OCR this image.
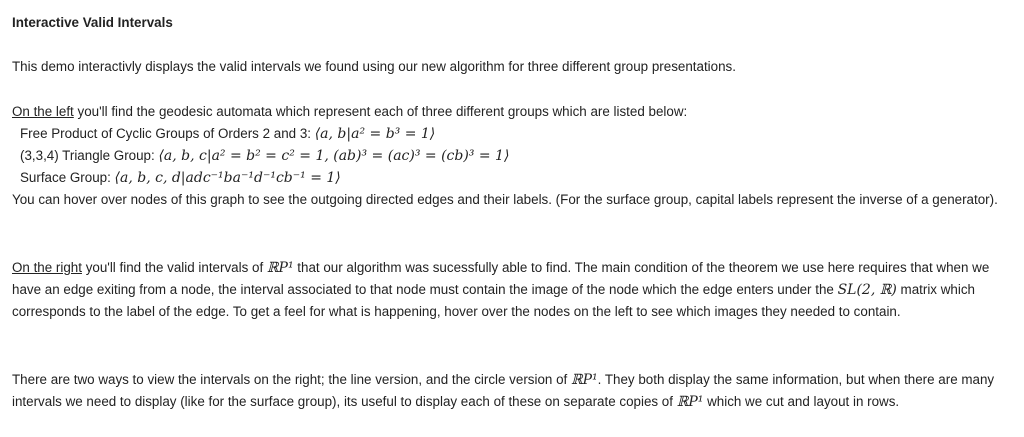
Interactive Valid Intervals

This demo interactivly displays the valid intervals we found using our new algorithm for three different group presentations.

On the left you'll find the geodesic automata which represent each of three different groups which are listed below:
Free Product of Cyclic Groups of Orders 2 and 3: ⟨a, b|a² = b³ = 1⟩
(3,3,4) Triangle Group: ⟨a, b, c|a² = b² = c² = 1, (ab)³ = (ac)³ = (cb)³ = 1⟩
Surface Group: ⟨a, b, c, d|adc⁻¹ba⁻¹d⁻¹cb⁻¹ = 1⟩
You can hover over nodes of this graph to see the outgoing directed edges and their labels. (For the surface group, capital labels represent the inverse of a generator).

On the right you'll find the valid intervals of ℝP¹ that our algorithm was sucessfully able to find. The main condition of the theorem we use here requires that when we have an edge exiting from a node, the interval associated to that node must contain the image of the node which the edge enters under the SL(2, ℝ) matrix which corresponds to the label of the edge. To get a feel for what is happening, hover over the nodes on the left to see which images they needed to contain.

There are two ways to view the intervals on the right; the line version, and the circle version of ℝP¹. They both display the same information, but when there are many intervals we need to display (like for the surface group), its useful to display each of these on separate copies of ℝP¹ which we cut and layout in rows.
